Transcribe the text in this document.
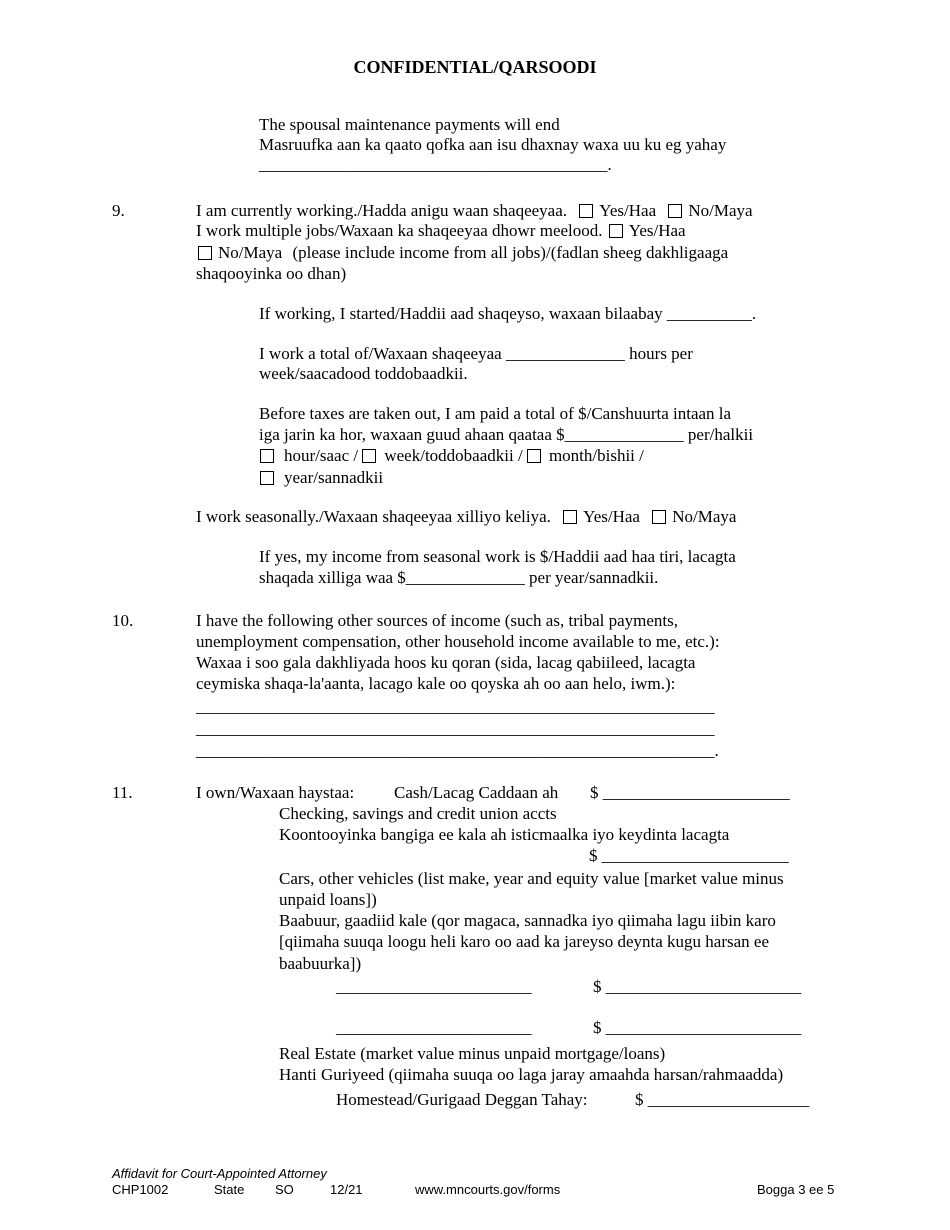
CONFIDENTIAL/QARSOODI
The spousal maintenance payments will end
Masruufka aan ka qaato qofka aan isu dhaxnay waxa uu ku eg yahay
_________________________________________.
9.	I am currently working./Hadda anigu waan shaqeeyaa. Yes/Haa No/Maya
I work multiple jobs/Waxaan ka shaqeeyaa dhowr meelood. Yes/Haa
No/Maya (please include income from all jobs)/(fadlan sheeg dakhligaaga
shaqooyinka oo dhan)
If working, I started/Haddii aad shaqeyso, waxaan bilaabay __________.
I work a total of/Waxaan shaqeeyaa ______________ hours per
week/saacadood toddobaadkii.
Before taxes are taken out, I am paid a total of $/Canshuurta intaan la
iga jarin ka hor, waxaan guud ahaan qaataa $______________ per/halkii
hour/saac / week/toddobaadkii / month/bishii /
year/sannadkii
I work seasonally./Waxaan shaqeeyaa xilliyo keliya. Yes/Haa No/Maya
If yes, my income from seasonal work is $/Haddii aad haa tiri, lacagta
shaqada xilliga waa $______________ per year/sannadkii.
10.	I have the following other sources of income (such as, tribal payments,
unemployment compensation, other household income available to me, etc.):
Waxaa i soo gala dakhliyada hoos ku qoran (sida, lacag qabiileed, lacagta
ceymiska shaqa-la'aanta, lacago kale oo qoyska ah oo aan helo, iwm.):
_____________________________________________________________
_____________________________________________________________
_____________________________________________________________.
11.	I own/Waxaan haystaa: Cash/Lacag Caddaan ah $ ______________________
Checking, savings and credit union accts
Koontooyinka bangiga ee kala ah isticmaalka iyo keydinta lacagta
$ ______________________
Cars, other vehicles (list make, year and equity value [market value minus
unpaid loans])
Baabuur, gaadiid kale (qor magaca, sannadka iyo qiimaha lagu iibin karo
[qiimaha suuqa loogu heli karo oo aad ka jareyso deynta kugu harsan ee
baabuurka])
_______________________	$ _______________________
_______________________	$ _______________________
Real Estate (market value minus unpaid mortgage/loans)
Hanti Guriyeed (qiimaha suuqa oo laga jaray amaahda harsan/rahmaadda)
Homestead/Gurigaad Deggan Tahay:	$ ___________________
Affidavit for Court-Appointed Attorney
CHP1002	State SO	12/21	www.mncourts.gov/forms	Bogga 3 ee 5
